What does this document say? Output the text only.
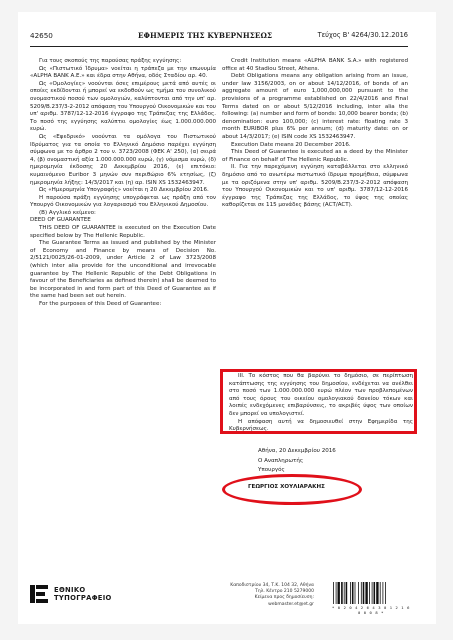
42650	ΕΦΗΜΕΡΙΣ ΤΗΣ ΚΥΒΕΡΝΗΣΕΩΣ	Τεύχος Β' 4264/30.12.2016

Για τους σκοπούς της παρούσας πράξης εγγύησης:

Ως «Πιστωτικό Ίδρυμα» νοείται η τράπεζα με την επωνυμία «ALPHA BANK A.E.» και έδρα στην Αθήνα, οδός Σταδίου αρ. 40.

Ως «Ομολογίες» νοούνται όσες επιμέρους μετά από αυτές οι οποίες εκδίδονται ή μπορεί να εκδοθούν ως τμήμα του συνολικού ονομαστικού ποσού των ομολογιών, καλύπτονται από την υπ' αρ. 5209/Β.237/3-2-2012 απόφαση του Υπουργού Οικονομικών και του υπ' αριθμ. 3787/12-12-2016 έγγραφο της Τράπεζας της Ελλάδος. Το ποσό της εγγύησης καλύπτει ομολογίες έως 1.000.000.000 ευρώ.

Ως «Εφεδρικό» νοούνται τα ομόλογα του Πιστωτικού Ιδρύματος για τα οποία το Ελληνικό Δημόσιο παρέχει εγγύηση σύμφωνα με το άρθρο 2 του ν. 3723/2008 (ΦΕΚ Α' 250), (α) σειρά 4, (β) ονομαστική αξία 1.000.000.000 ευρώ, (γ) νόμισμα ευρώ, (δ) ημερομηνία έκδοσης 20 Δεκεμβρίου 2016, (ε) επιτόκιο: κυμαινόμενο Euribor 3 μηνών συν περιθώριο 6% ετησίως, (ζ) ημερομηνία λήξης: 14/3/2017 και (η) αρ. ISIN XS 1532463947.

Ως «Ημερομηνία Υπογραφής» νοείται η 20 Δεκεμβρίου 2016.

Η παρούσα πράξη εγγύησης υπογράφεται ως πράξη από τον Υπουργό Οικονομικών για λογαριασμό του Ελληνικού Δημοσίου.

(Β) Αγγλικό κείμενο:

DEED OF GUARANTEE

THIS DEED OF GUARANTEE is executed on the Execution Date specified below by The Hellenic Republic.

The Guarantee Terms as issued and published by the Minister of Economy and Finance by means of Decision No. 2/5121/0025/26-01-2009, under Article 2 of Law 3723/2008 (which inter alia provide for the unconditional and irrevocable guarantee by The Hellenic Republic of the Debt Obligations in favour of the Beneficiaries as defined therein) shall be deemed to be incorporated in and form part of this Deed of Guarantee as if the same had been set out herein.

For the purposes of this Deed of Guarantee:

Credit Institution means «ALPHA BANK S.A.» with registered office at 40 Stadiou Street, Athens.

Debt Obligations means any obligation arising from an issue, under law 3156/2003, on or about 14/12/2016, of bonds of an aggregate amount of euro 1,000,000,000 pursuant to the provisions of a programme established on 22/4/2016 and Final Terms dated on or about 5/12/2016 including, inter alia the following: (a) number and form of bonds: 10,000 bearer bonds; (b) denomination: euro 100,000; (c) interest rate: floating rate 3 month EURIBOR plus 6% per annum; (d) maturity date: on or about 14/3/2017; (e) ISIN code XS 1532463947.

Execution Date means 20 December 2016.

This Deed of Guarantee is executed as a deed by the Minister of Finance on behalf of The Hellenic Republic.

II. Για την παρεχόμενη εγγύηση καταβάλλεται στο ελληνικό δημόσιο από το ανωτέρω πιστωτικό ίδρυμα προμήθεια, σύμφωνα με τα οριζόμενα στην υπ' αριθμ. 5209/Β.237/3-2-2012 απόφαση του Υπουργού Οικονομικών και το υπ' αριθμ. 3787/12-12-2016 έγγραφο της Τράπεζας της Ελλάδος, το ύψος της οποίας καθορίζεται σε 115 μονάδες βάσης (ACT/ACT).

III. Το κόστος που θα βαρύνει το δημόσιο, σε περίπτωση κατάπτωσης της εγγύησης του δημοσίου, ενδέχεται να ανέλθει στο ποσό των 1.000.000.000 ευρώ πλέον των προβλεπομένων από τους όρους του οικείου ομολογιακού δανείου τόκων και λοιπές ενδεχόμενες επιβαρύνσεις, το ακριβές ύψος των οποίων δεν μπορεί να υπολογιστεί.

Η απόφαση αυτή να δημοσιευθεί στην Εφημερίδα της Κυβερνήσεως.

Αθήνα, 20 Δεκεμβρίου 2016
Ο Αναπληρωτής
Υπουργός
ΓΕΩΡΓΙΟΣ ΧΟΥΛΙΑΡΑΚΗΣ
ΕΘΝΙΚΟ
ΤΥΠΟΓΡΑΦΕΙΟ
Καποδιστρίου 34, Τ.Κ. 104 32, Αθήνα
Τηλ. Κέντρο 210 5279000
Κείμενα προς δημοσίευση: webmaster.et@et.gr
* 0 2 0 4 2 6 4 3 0 1 2 1 6 0 0 0 8 *
